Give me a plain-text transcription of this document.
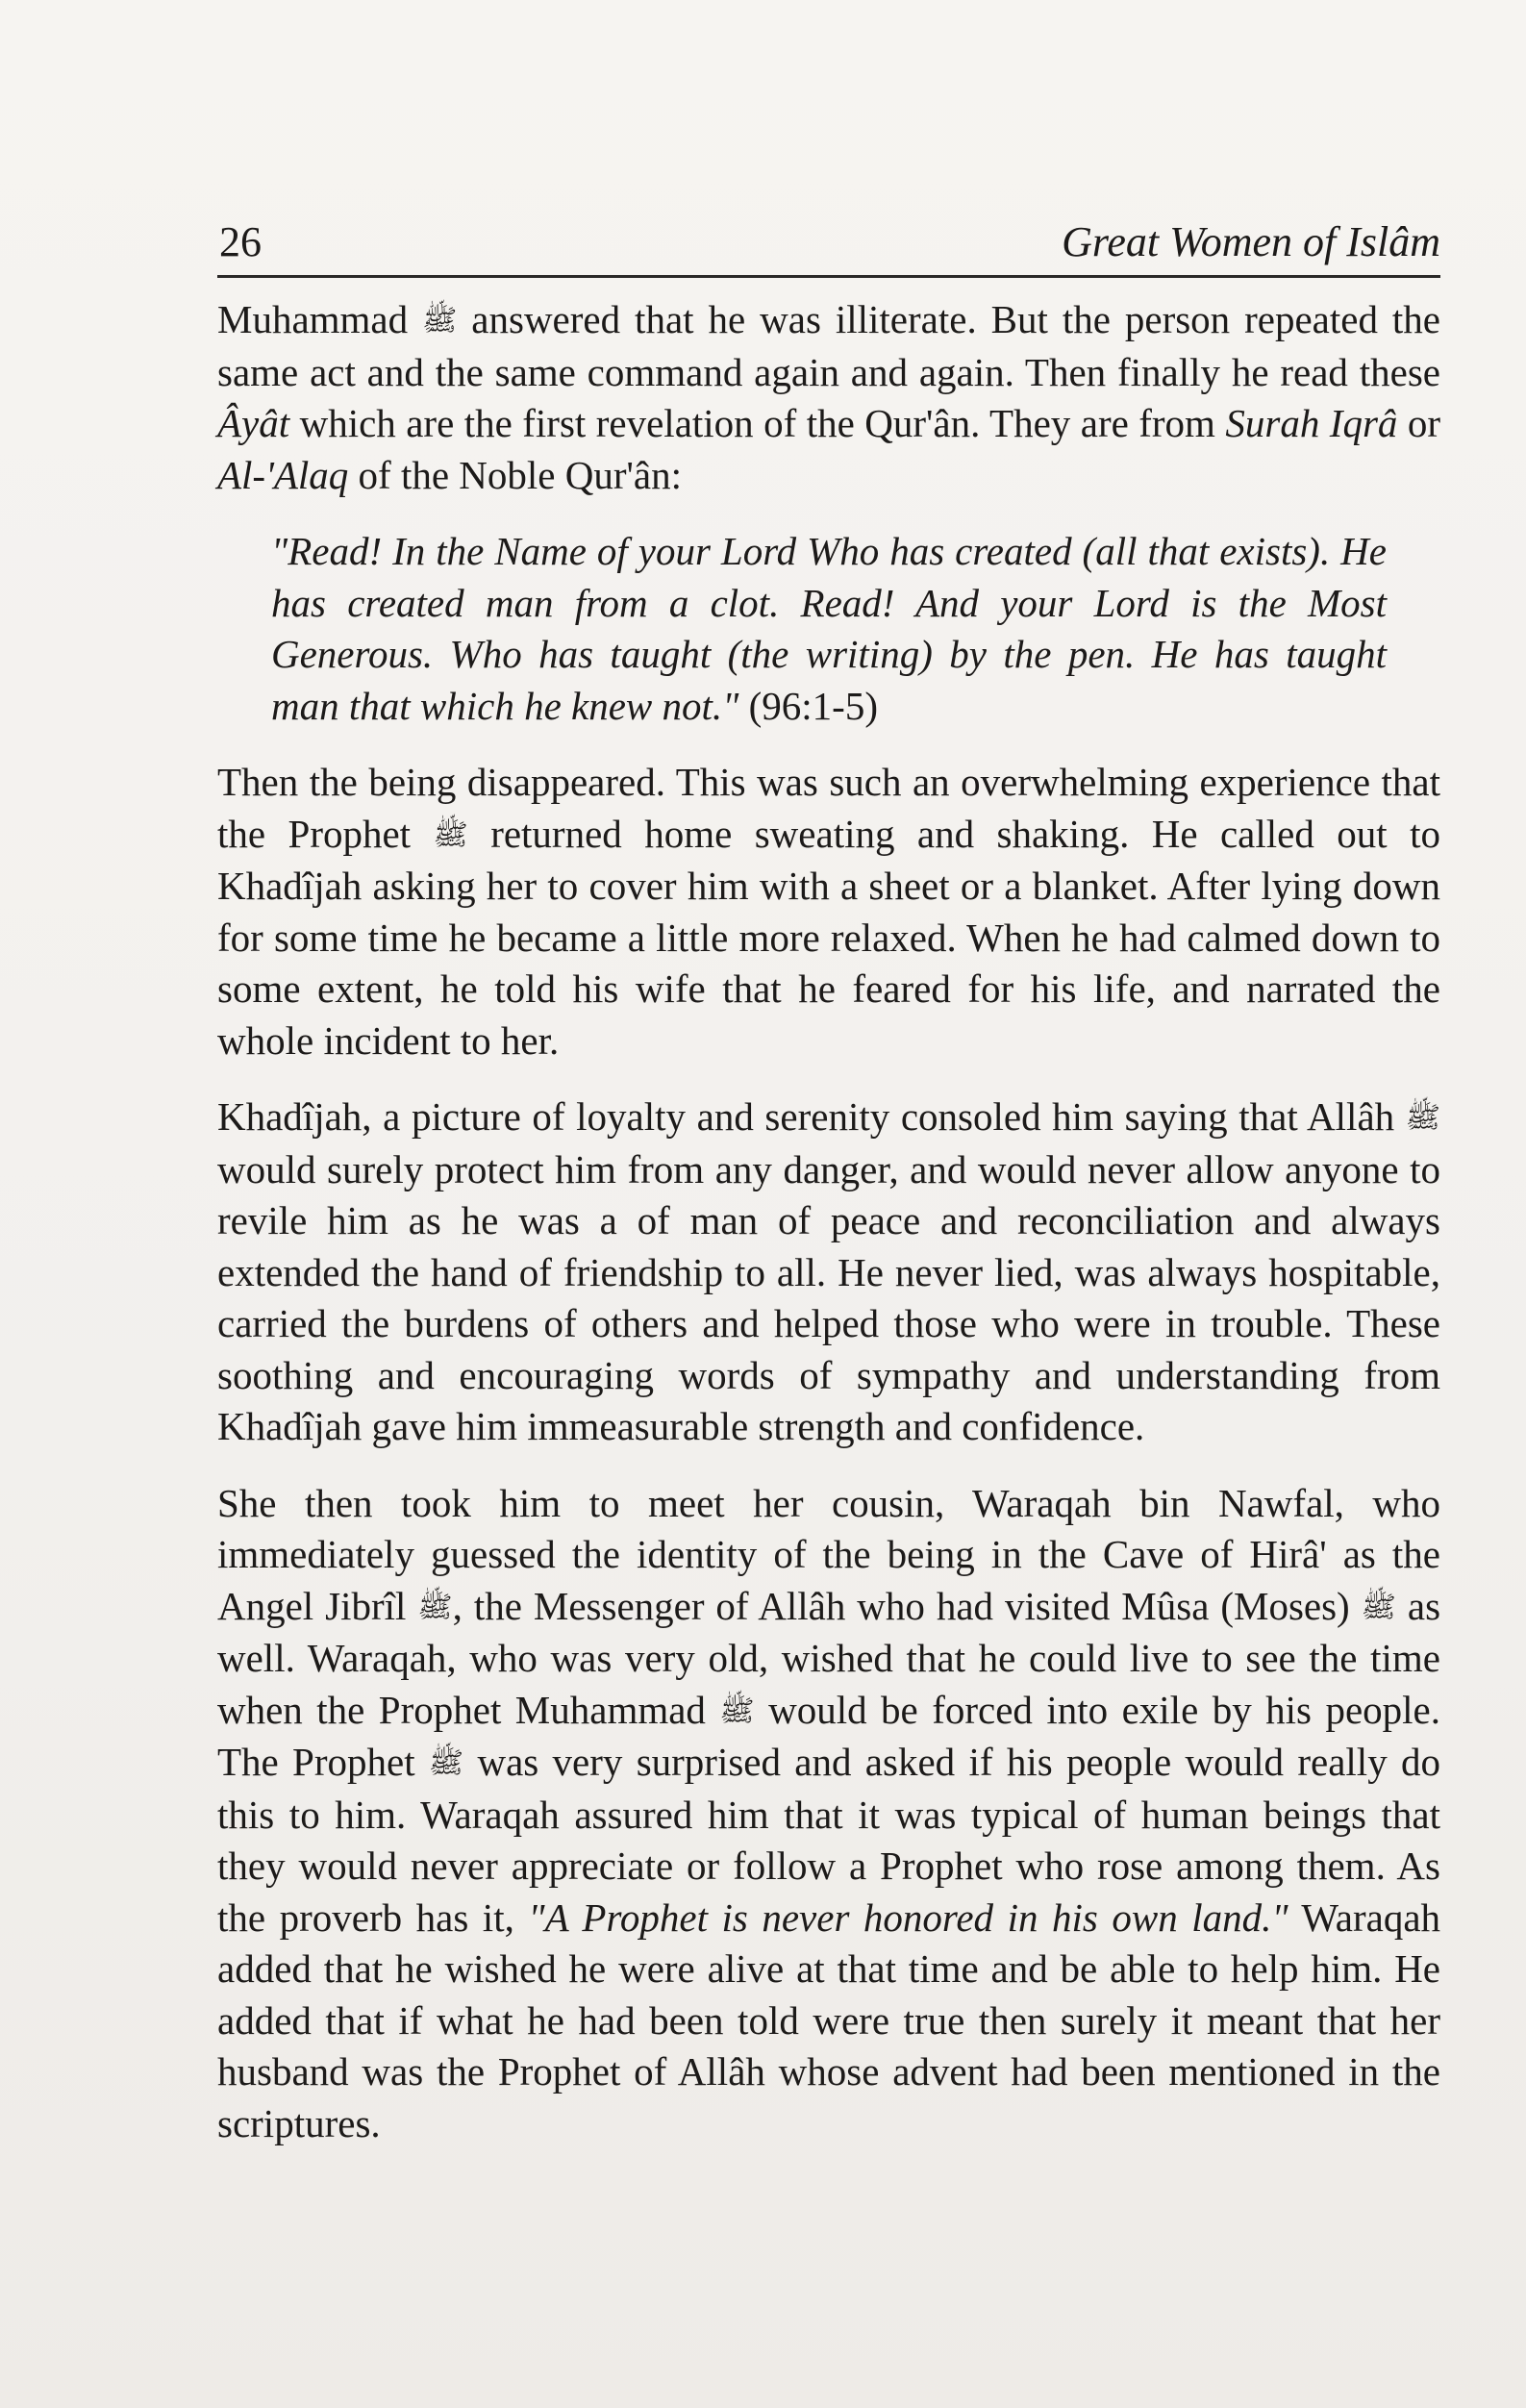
26	Great Women of Islâm

Muhammad ﷺ answered that he was illiterate. But the person repeated the same act and the same command again and again. Then finally he read these Âyât which are the first revelation of the Qur'ân. They are from Surah Iqrâ or Al-'Alaq of the Noble Qur'ân:

"Read! In the Name of your Lord Who has created (all that exists). He has created man from a clot. Read! And your Lord is the Most Generous. Who has taught (the writing) by the pen. He has taught man that which he knew not." (96:1-5)

Then the being disappeared. This was such an overwhelming experience that the Prophet ﷺ returned home sweating and shaking. He called out to Khadîjah asking her to cover him with a sheet or a blanket. After lying down for some time he became a little more relaxed. When he had calmed down to some extent, he told his wife that he feared for his life, and narrated the whole incident to her.

Khadîjah, a picture of loyalty and serenity consoled him saying that Allâh ﷺ would surely protect him from any danger, and would never allow anyone to revile him as he was a of man of peace and reconciliation and always extended the hand of friendship to all. He never lied, was always hospitable, carried the burdens of others and helped those who were in trouble. These soothing and encouraging words of sympathy and understanding from Khadîjah gave him immeasurable strength and confidence.

She then took him to meet her cousin, Waraqah bin Nawfal, who immediately guessed the identity of the being in the Cave of Hirâ' as the Angel Jibrîl ﷺ, the Messenger of Allâh who had visited Mûsa (Moses) ﷺ as well. Waraqah, who was very old, wished that he could live to see the time when the Prophet Muhammad ﷺ would be forced into exile by his people. The Prophet ﷺ was very surprised and asked if his people would really do this to him. Waraqah assured him that it was typical of human beings that they would never appreciate or follow a Prophet who rose among them. As the proverb has it, "A Prophet is never honored in his own land." Waraqah added that he wished he were alive at that time and be able to help him. He added that if what he had been told were true then surely it meant that her husband was the Prophet of Allâh whose advent had been mentioned in the scriptures.
